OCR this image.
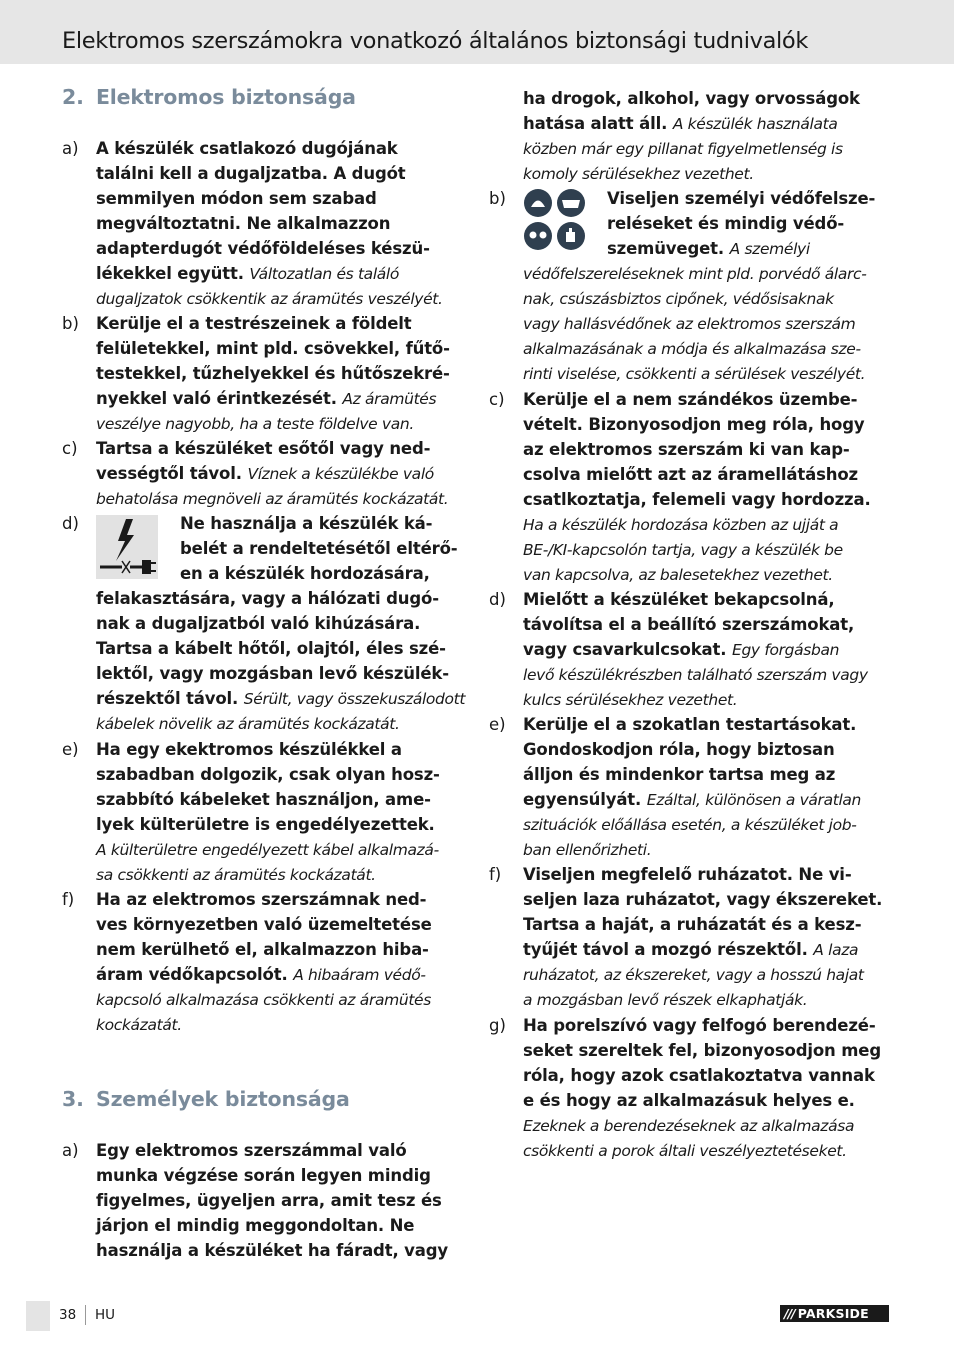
Elektromos szerszámokra vonatkozó általános biztonsági tudnivalók
2. Elektromos biztonsága
a) A készülék csatlakozó dugójának
találni kell a dugaljzatba. A dugót
semmilyen módon sem szabad
megváltoztatni. Ne alkalmazzon
adapterdugót védőföldeléses készü-
lékekkel együtt. Változatlan és találó
dugaljzatok csökkentik az áramütés veszélyét.
b) Kerülje el a testrészeinek a földelt
felületekkel, mint pld. csövekkel, fűtő-
testekkel, tűzhelyekkel és hűtőszekré-
nyekkel való érintkezését. Az áramütés
veszélye nagyobb, ha a teste földelve van.
c) Tartsa a készüléket esőtől vagy ned-
vességtől távol. Víznek a készülékbe való
behatolása megnöveli az áramütés kockázatát.
d)	Ne használja a készülék ká-
belét a rendeltetésétől eltérő-
en a készülék hordozására,
felakasztására, vagy a hálózati dugó-
nak a dugaljzatból való kihúzására.
Tartsa a kábelt hőtől, olajtól, éles szé-
lektől, vagy mozgásban levő készülék-
részektől távol. Sérült, vagy összekuszálodott
kábelek növelik az áramütés kockázatát.
e) Ha egy ekektromos készülékkel a
szabadban dolgozik, csak olyan hosz-
szabbító kábeleket használjon, ame-
lyek külterületre is engedélyezettek.
A külterületre engedélyezett kábel alkalmazá-
sa csökkenti az áramütés kockázatát.
f) Ha az elektromos szerszámnak ned-
ves környezetben való üzemeltetése
nem kerülhető el, alkalmazzon hiba-
áram védőkapcsolót. A hibaáram védő-
kapcsoló alkalmazása csökkenti az áramütés
kockázatát.
3. Személyek biztonsága
a) Egy elektromos szerszámmal való
munka végzése során legyen mindig
figyelmes, ügyeljen arra, amit tesz és
járjon el mindig meggondoltan. Ne
használja a készüléket ha fáradt, vagy
ha drogok, alkohol, vagy orvosságok
hatása alatt áll. A készülék használata
közben már egy pillanat figyelmetlenség is
komoly sérülésekhez vezethet.
b)	Viseljen személyi védőfelsze-
reléseket és mindig védő-
szemüveget. A személyi
védőfelszereléseknek mint pld. porvédő álarc-
nak, csúszásbiztos cipőnek, védősisaknak
vagy hallásvédőnek az elektromos szerszám
alkalmazásának a módja és alkalmazása sze-
rinti viselése, csökkenti a sérülések veszélyét.
c) Kerülje el a nem szándékos üzembe-
vételt. Bizonyosodjon meg róla, hogy
az elektromos szerszám ki van kap-
csolva mielőtt azt az áramellátáshoz
csatlkoztatja, felemeli vagy hordozza.
Ha a készülék hordozása közben az ujját a
BE-/KI-kapcsolón tartja, vagy a készülék be
van kapcsolva, az balesetekhez vezethet.
d) Mielőtt a készüléket bekapcsolná,
távolítsa el a beállító szerszámokat,
vagy csavarkulcsokat. Egy forgásban
levő készülékrészben található szerszám vagy
kulcs sérülésekhez vezethet.
e) Kerülje el a szokatlan testartásokat.
Gondoskodjon róla, hogy biztosan
álljon és mindenkor tartsa meg az
egyensúlyát. Ezáltal, különösen a váratlan
szituációk előállása esetén, a készüléket job-
ban ellenőrizheti.
f) Viseljen megfelelő ruházatot. Ne vi-
seljen laza ruházatot, vagy ékszereket.
Tartsa a haját, a ruházatát és a kesz-
tyűjét távol a mozgó részektől. A laza
ruházatot, az ékszereket, vagy a hosszú hajat
a mozgásban levő részek elkaphatják.
g) Ha porelszívó vagy felfogó berendezé-
seket szereltek fel, bizonyosodjon meg
róla, hogy azok csatlakoztatva vannak
e és hogy az alkalmazásuk helyes e.
Ezeknek a berendezéseknek az alkalmazása
csökkenti a porok általi veszélyeztetéseket.
38 HU	/// PARKSIDE
